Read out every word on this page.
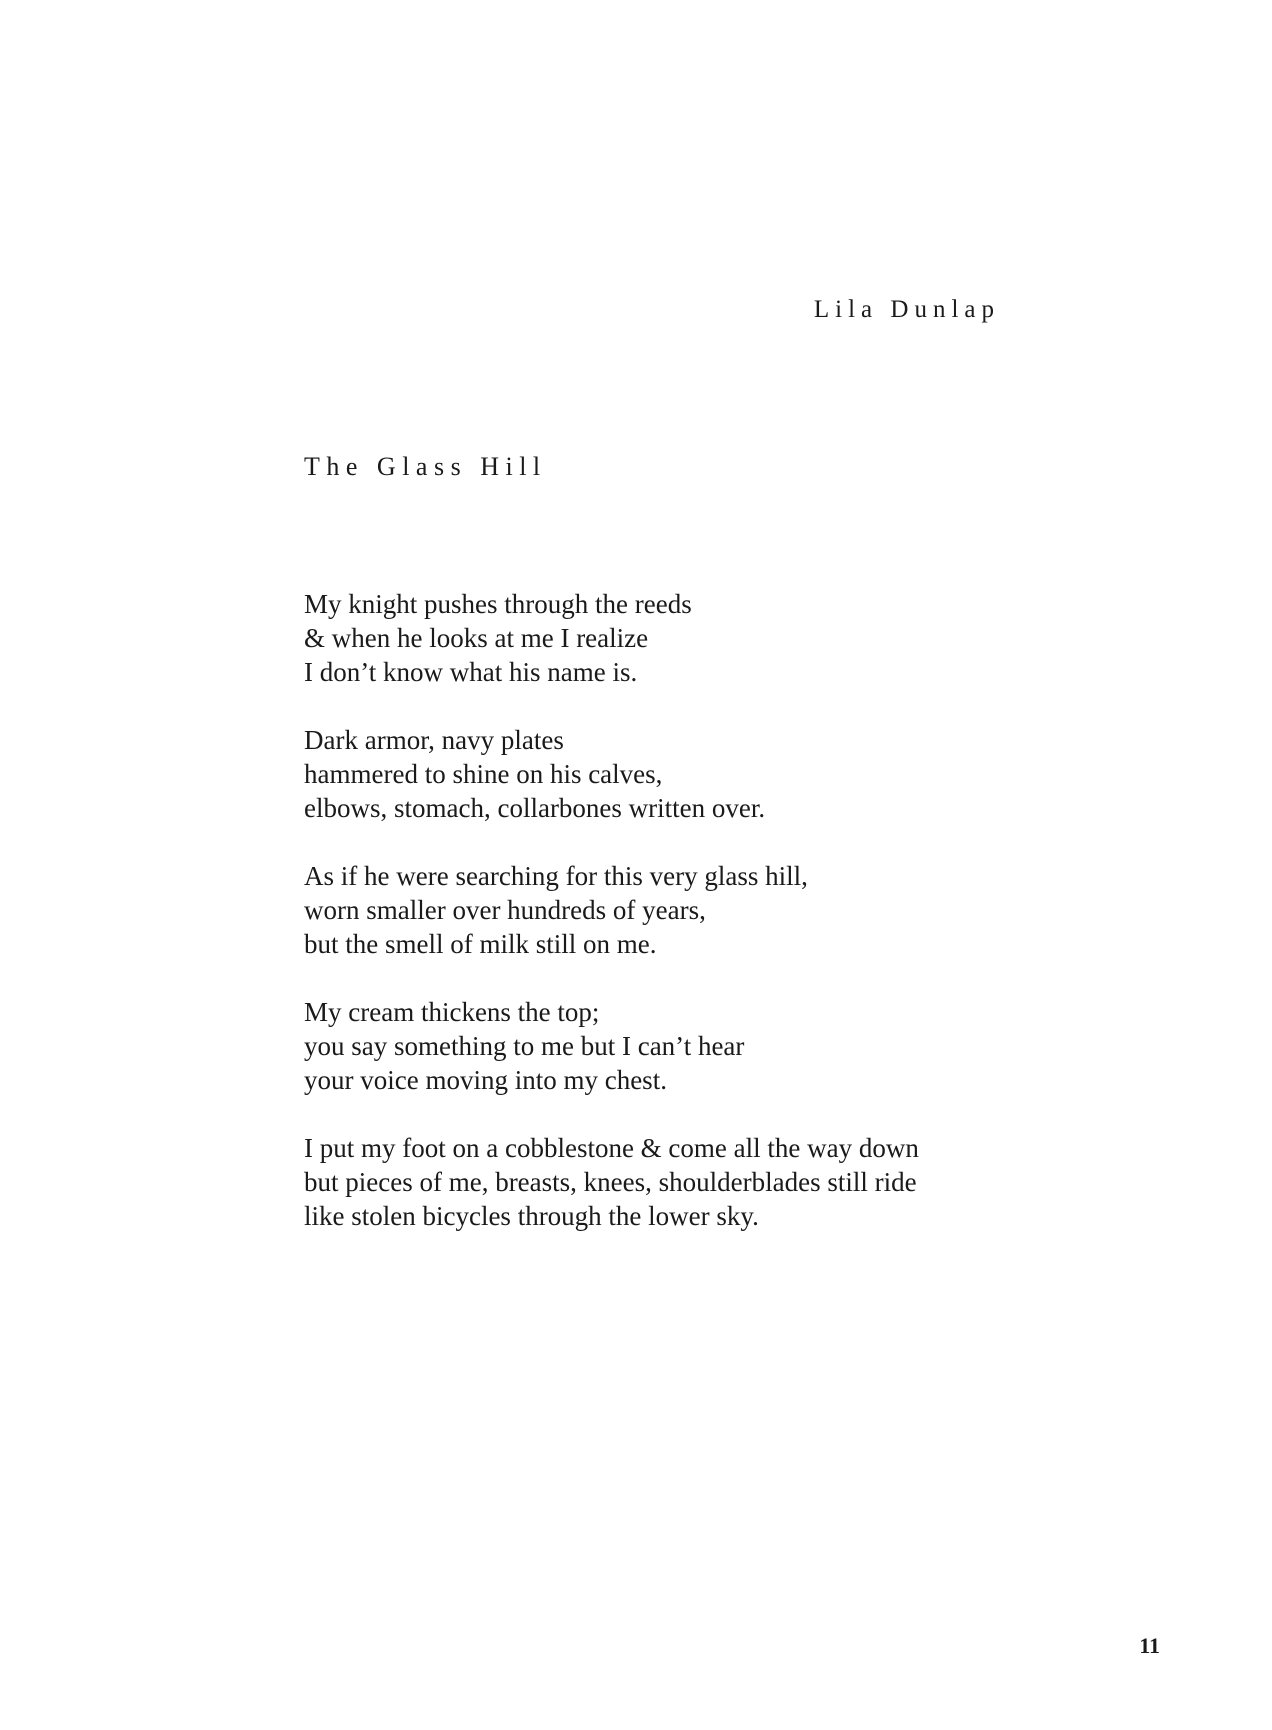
Lila Dunlap
The Glass Hill
My knight pushes through the reeds
& when he looks at me I realize
I don’t know what his name is.
Dark armor, navy plates
hammered to shine on his calves,
elbows, stomach, collarbones written over.
As if he were searching for this very glass hill,
worn smaller over hundreds of years,
but the smell of milk still on me.
My cream thickens the top;
you say something to me but I can’t hear
your voice moving into my chest.
I put my foot on a cobblestone & come all the way down
but pieces of me, breasts, knees, shoulderblades still ride
like stolen bicycles through the lower sky.
11
